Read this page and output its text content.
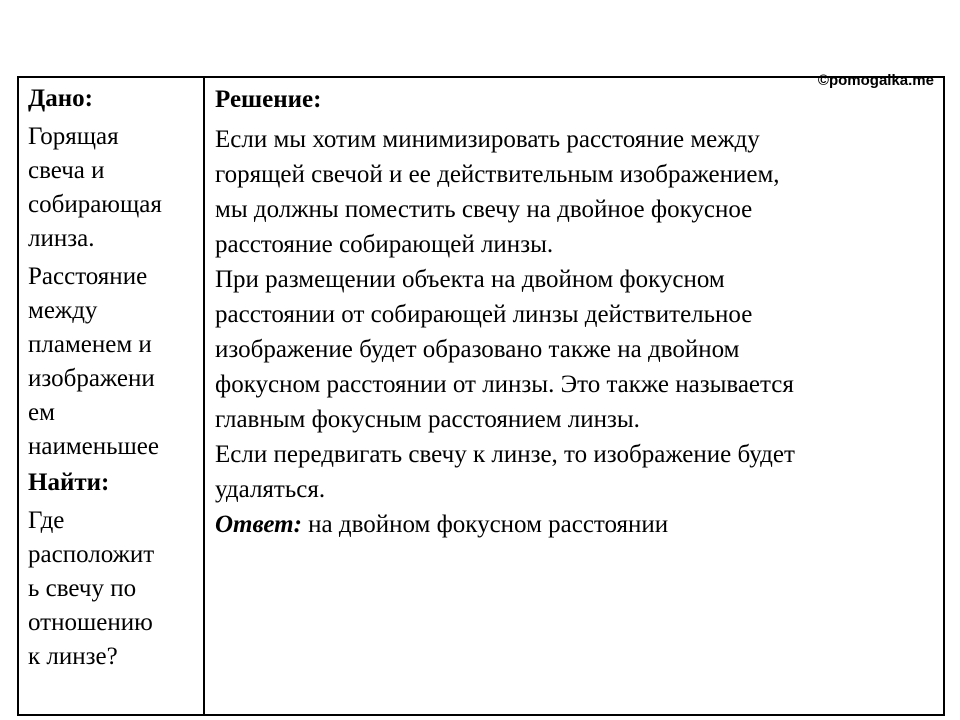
©pomogalka.me
Дано:
Горящая
свеча и
собирающая
линза.
Расстояние
между
пламенем и
изображени
ем
наименьшее
Найти:
Где
расположит
ь свечу по
отношению
к линзе?
Решение:
Если мы хотим минимизировать расстояние между
горящей свечой и ее действительным изображением,
мы должны поместить свечу на двойное фокусное
расстояние собирающей линзы.
При размещении объекта на двойном фокусном
расстоянии от собирающей линзы действительное
изображение будет образовано также на двойном
фокусном расстоянии от линзы. Это также называется
главным фокусным расстоянием линзы.
Если передвигать свечу к линзе, то изображение будет
удаляться.
Ответ: на двойном фокусном расстоянии
